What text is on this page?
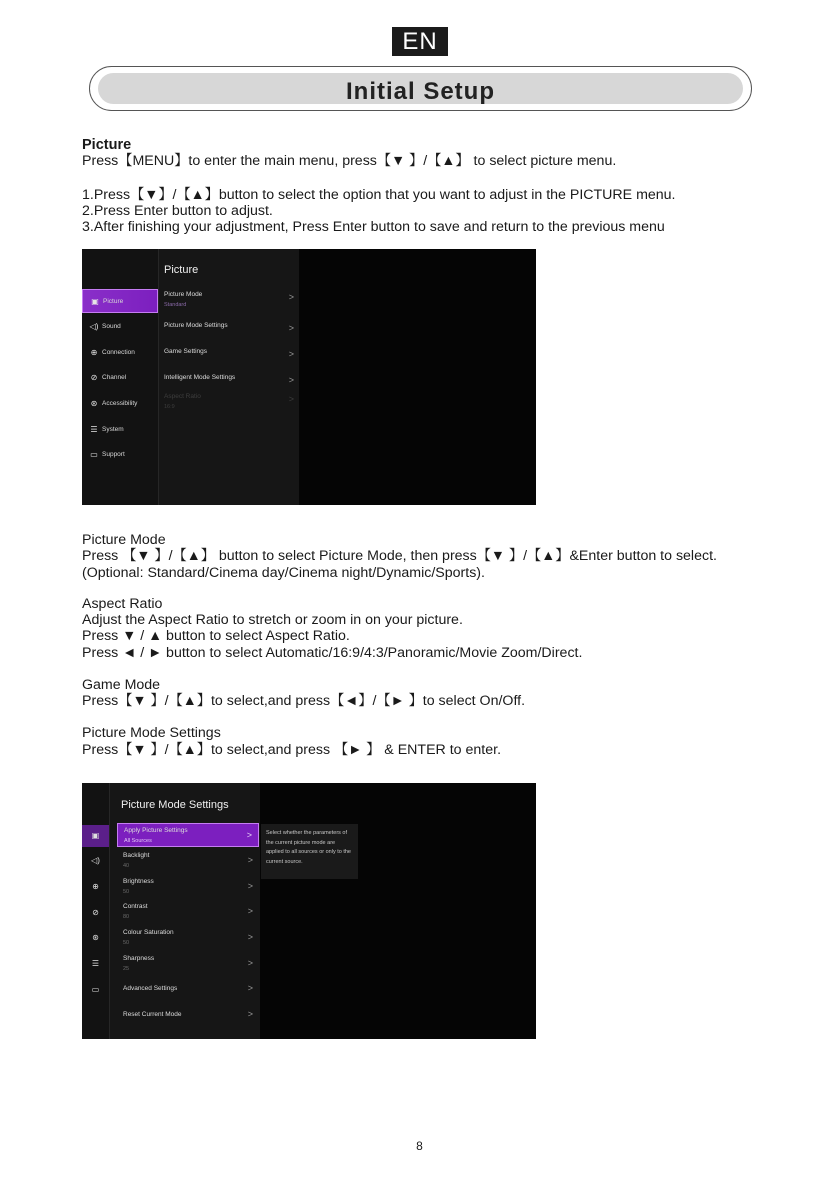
EN
Initial Setup
Picture
Press【MENU】to enter the main menu, press【▼ 】/【▲】 to select picture menu.
1.Press【▼】/【▲】button to select the option that you want to adjust in the PICTURE menu.
2.Press Enter button to adjust.
3.After finishing your adjustment, Press Enter button to save and return to the previous menu
▣ Picture
◁) Sound
⊕ Connection
⊘ Channel
⊛ Accessibility
☰ System
▭ Support
Picture
Picture Mode
Standard
>
Picture Mode Settings	>
Game Settings	>
Intelligent Mode Settings	>
Aspect Ratio
16:9
>
Picture Mode
Press 【▼ 】/【▲】 button to select Picture Mode, then press【▼ 】/【▲】&Enter button to select.
(Optional: Standard/Cinema day/Cinema night/Dynamic/Sports).
Aspect Ratio
Adjust the Aspect Ratio to stretch or zoom in on your picture.
Press ▼ / ▲ button to select Aspect Ratio.
Press ◄ / ► button to select Automatic/16:9/4:3/Panoramic/Movie Zoom/Direct.
Game Mode
Press【▼ 】/【▲】to select,and press【◄】/【► 】to select On/Off.
Picture Mode Settings
Press【▼ 】/【▲】to select,and press 【► 】 & ENTER to enter.
▣
◁)
⊕
⊘
⊛
☰
▭
Picture Mode Settings
Apply Picture Settings
All Sources
>
Backlight
40
>
Brightness
50
>
Contrast
80
>
Colour Saturation
50
>
Sharpness
25
>
Advanced Settings	>
Reset Current Mode	>
Select whether the parameters of the current picture mode are applied to all sources or only to the current source.
8
